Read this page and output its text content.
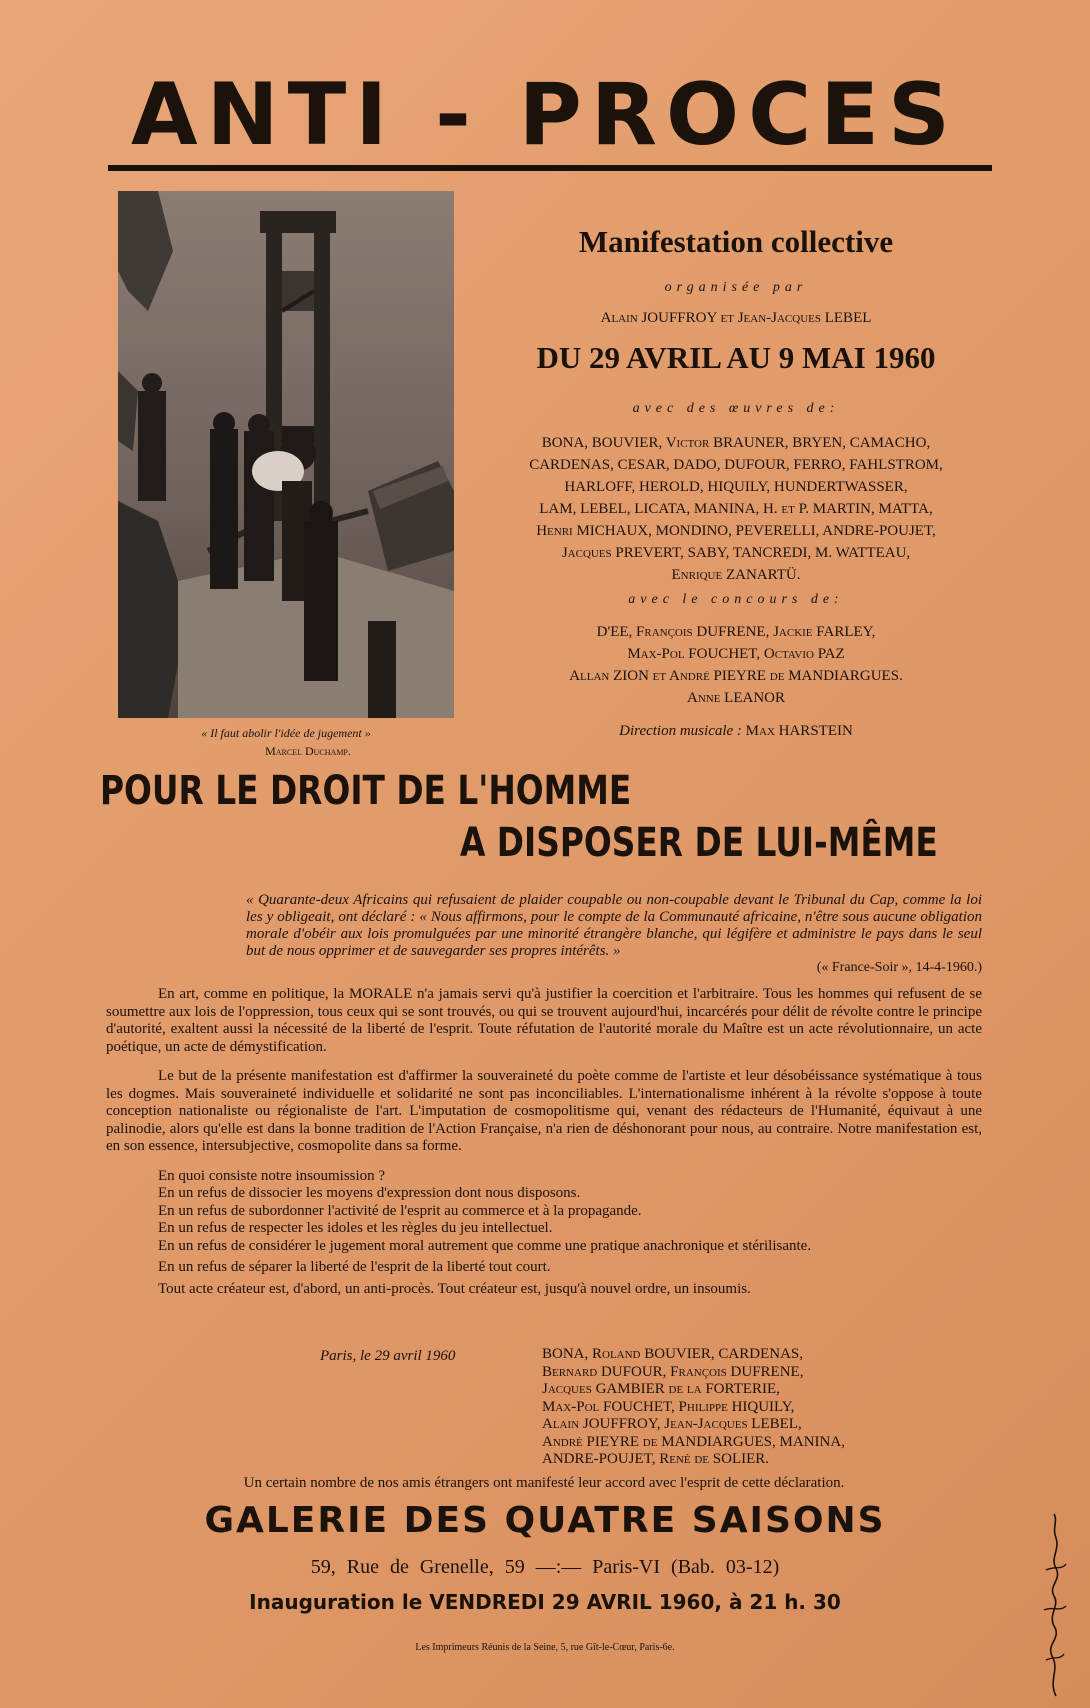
ANTI - PROCES
« Il faut abolir l'idée de jugement »
Marcel Duchamp.
Manifestation collective
organisée par
Alain JOUFFROY et Jean-Jacques LEBEL
DU 29 AVRIL AU 9 MAI 1960
avec des œuvres de:
BONA, BOUVIER, Victor BRAUNER, BRYEN, CAMACHO,
CARDENAS, CESAR, DADO, DUFOUR, FERRO, FAHLSTROM,
HARLOFF, HEROLD, HIQUILY, HUNDERTWASSER,
LAM, LEBEL, LICATA, MANINA, H. et P. MARTIN, MATTA,
Henri MICHAUX, MONDINO, PEVERELLI, ANDRE-POUJET,
Jacques PREVERT, SABY, TANCREDI, M. WATTEAU,
Enrique ZANARTÜ.
avec le concours de:
D'EE, François DUFRENE, Jackie FARLEY,
Max-Pol FOUCHET, Octavio PAZ
Allan ZION et André PIEYRE de MANDIARGUES.
Anne LEANOR
Direction musicale : Max HARSTEIN
POUR LE DROIT DE L'HOMME
A DISPOSER DE LUI-MÊME
« Quarante-deux Africains qui refusaient de plaider coupable ou non-coupable devant le Tribunal du Cap, comme la loi les y obligeait, ont déclaré : « Nous affirmons, pour le compte de la Communauté africaine, n'être sous aucune obligation morale d'obéir aux lois promulguées par une minorité étrangère blanche, qui légifère et administre le pays dans le seul but de nous opprimer et de sauvegarder ses propres intérêts. »
(« France-Soir », 14-4-1960.)

En art, comme en politique, la MORALE n'a jamais servi qu'à justifier la coercition et l'arbitraire. Tous les hommes qui refusent de se soumettre aux lois de l'oppression, tous ceux qui se sont trouvés, ou qui se trouvent aujourd'hui, incarcérés pour délit de révolte contre le principe d'autorité, exaltent aussi la nécessité de la liberté de l'esprit. Toute réfutation de l'autorité morale du Maître est un acte révolutionnaire, un acte poétique, un acte de démystification.

Le but de la présente manifestation est d'affirmer la souveraineté du poète comme de l'artiste et leur désobéissance systématique à tous les dogmes. Mais souveraineté individuelle et solidarité ne sont pas inconciliables. L'internationalisme inhérent à la révolte s'oppose à toute conception nationaliste ou régionaliste de l'art. L'imputation de cosmopolitisme qui, venant des rédacteurs de l'Humanité, équivaut à une palinodie, alors qu'elle est dans la bonne tradition de l'Action Française, n'a rien de déshonorant pour nous, au contraire. Notre manifestation est, en son essence, intersubjective, cosmopolite dans sa forme.

En quoi consiste notre insoumission ?
En un refus de dissocier les moyens d'expression dont nous disposons.
En un refus de subordonner l'activité de l'esprit au commerce et à la propagande.
En un refus de respecter les idoles et les règles du jeu intellectuel.
En un refus de considérer le jugement moral autrement que comme une pratique anachronique et stérilisante.
En un refus de séparer la liberté de l'esprit de la liberté tout court.
Tout acte créateur est, d'abord, un anti-procès. Tout créateur est, jusqu'à nouvel ordre, un insoumis.
Paris, le 29 avril 1960	BONA, Roland BOUVIER, CARDENAS,
Bernard DUFOUR, François DUFRENE,
Jacques GAMBIER de la FORTERIE,
Max-Pol FOUCHET, Philippe HIQUILY,
Alain JOUFFROY, Jean-Jacques LEBEL,
André PIEYRE de MANDIARGUES, MANINA,
ANDRE-POUJET, René de SOLIER.
Un certain nombre de nos amis étrangers ont manifesté leur accord avec l'esprit de cette déclaration.
GALERIE DES QUATRE SAISONS
59, Rue de Grenelle, 59 —:— Paris-VI (Bab. 03-12)
Inauguration le VENDREDI 29 AVRIL 1960, à 21 h. 30
Les Imprimeurs Réunis de la Seine, 5, rue Gît-le-Cœur, Paris-6e.
